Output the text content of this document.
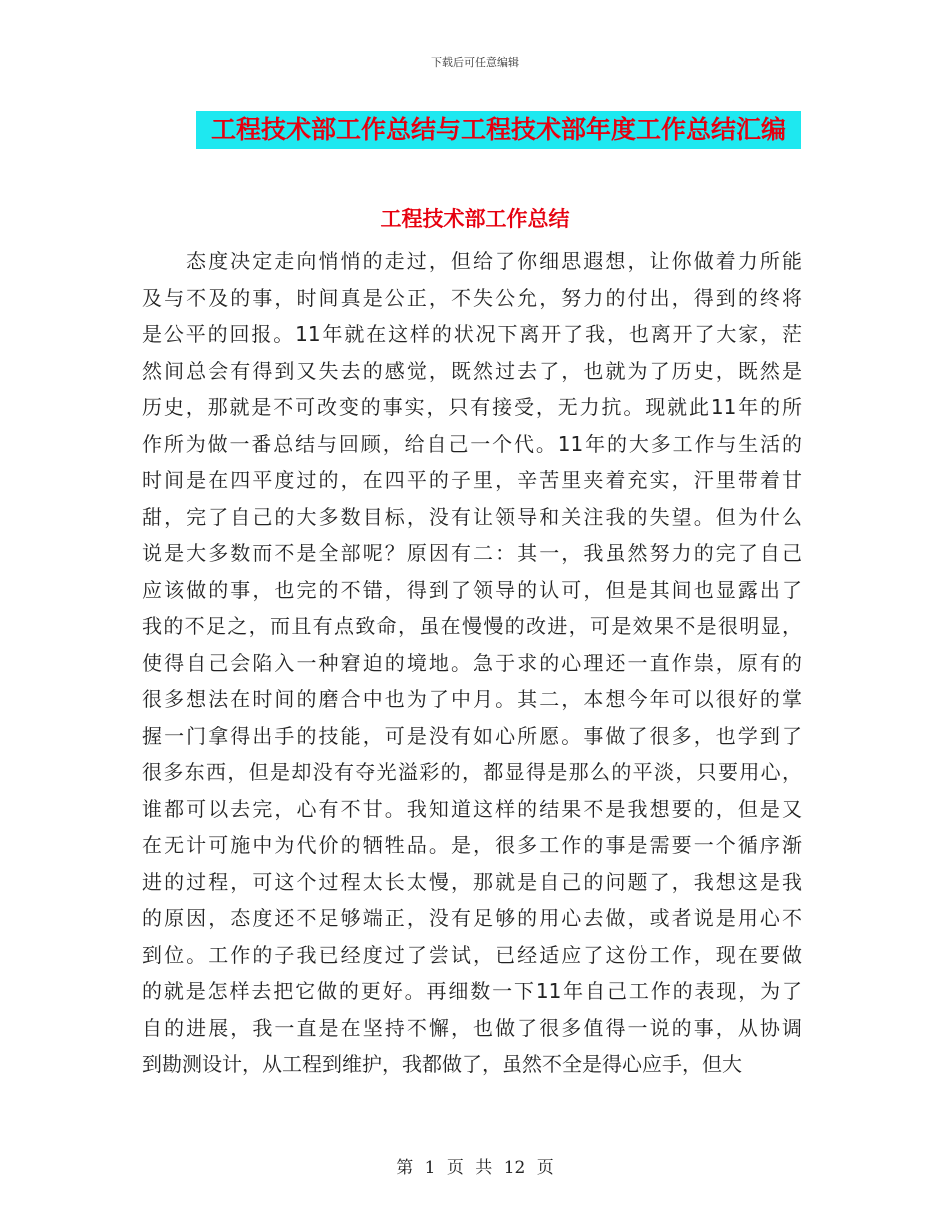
下载后可任意编辑
工程技术部工作总结与工程技术部年度工作总结汇编
工程技术部工作总结
态度决定走向悄悄的走过，但给了你细思遐想，让你做着力所能
及与不及的事，时间真是公正，不失公允，努力的付出，得到的终将
是公平的回报。11年就在这样的状况下离开了我，也离开了大家，茫
然间总会有得到又失去的感觉，既然过去了，也就为了历史，既然是
历史，那就是不可改变的事实，只有接受，无力抗。现就此11年的所
作所为做一番总结与回顾，给自己一个代。11年的大多工作与生活的
时间是在四平度过的，在四平的子里，辛苦里夹着充实，汗里带着甘
甜，完了自己的大多数目标，没有让领导和关注我的失望。但为什么
说是大多数而不是全部呢？原因有二：其一，我虽然努力的完了自己
应该做的事，也完的不错，得到了领导的认可，但是其间也显露出了
我的不足之，而且有点致命，虽在慢慢的改进，可是效果不是很明显，
使得自己会陷入一种窘迫的境地。急于求的心理还一直作祟，原有的
很多想法在时间的磨合中也为了中月。其二，本想今年可以很好的掌
握一门拿得出手的技能，可是没有如心所愿。事做了很多，也学到了
很多东西，但是却没有夺光溢彩的，都显得是那么的平淡，只要用心，
谁都可以去完，心有不甘。我知道这样的结果不是我想要的，但是又
在无计可施中为代价的牺牲品。是，很多工作的事是需要一个循序渐
进的过程，可这个过程太长太慢，那就是自己的问题了，我想这是我
的原因，态度还不足够端正，没有足够的用心去做，或者说是用心不
到位。工作的子我已经度过了尝试，已经适应了这份工作，现在要做
的就是怎样去把它做的更好。再细数一下11年自己工作的表现，为了
自的进展，我一直是在坚持不懈，也做了很多值得一说的事，从协调
到勘测设计，从工程到维护，我都做了，虽然不全是得心应手，但大
第 1 页 共 12 页
